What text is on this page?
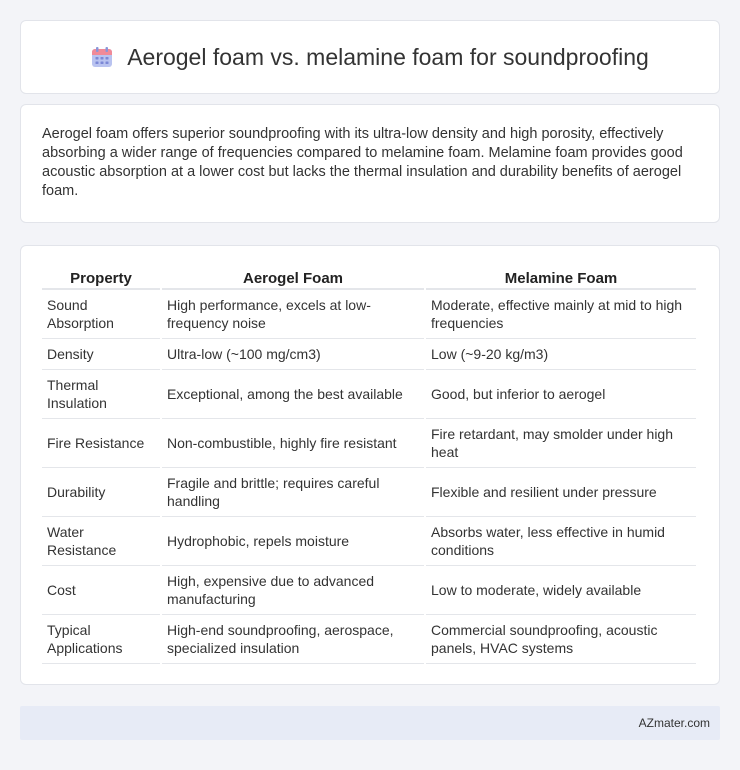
Aerogel foam vs. melamine foam for soundproofing

Aerogel foam offers superior soundproofing with its ultra-low density and high porosity, effectively absorbing a wider range of frequencies compared to melamine foam. Melamine foam provides good acoustic absorption at a lower cost but lacks the thermal insulation and durability benefits of aerogel foam.

Property	Aerogel Foam	Melamine Foam
Sound Absorption	High performance, excels at low-frequency noise	Moderate, effective mainly at mid to high frequencies
Density	Ultra-low (~100 mg/cm3)	Low (~9-20 kg/m3)
Thermal Insulation	Exceptional, among the best available	Good, but inferior to aerogel
Fire Resistance	Non-combustible, highly fire resistant	Fire retardant, may smolder under high heat
Durability	Fragile and brittle; requires careful handling	Flexible and resilient under pressure
Water Resistance	Hydrophobic, repels moisture	Absorbs water, less effective in humid conditions
Cost	High, expensive due to advanced manufacturing	Low to moderate, widely available
Typical Applications	High-end soundproofing, aerospace, specialized insulation	Commercial soundproofing, acoustic panels, HVAC systems
AZmater.com
